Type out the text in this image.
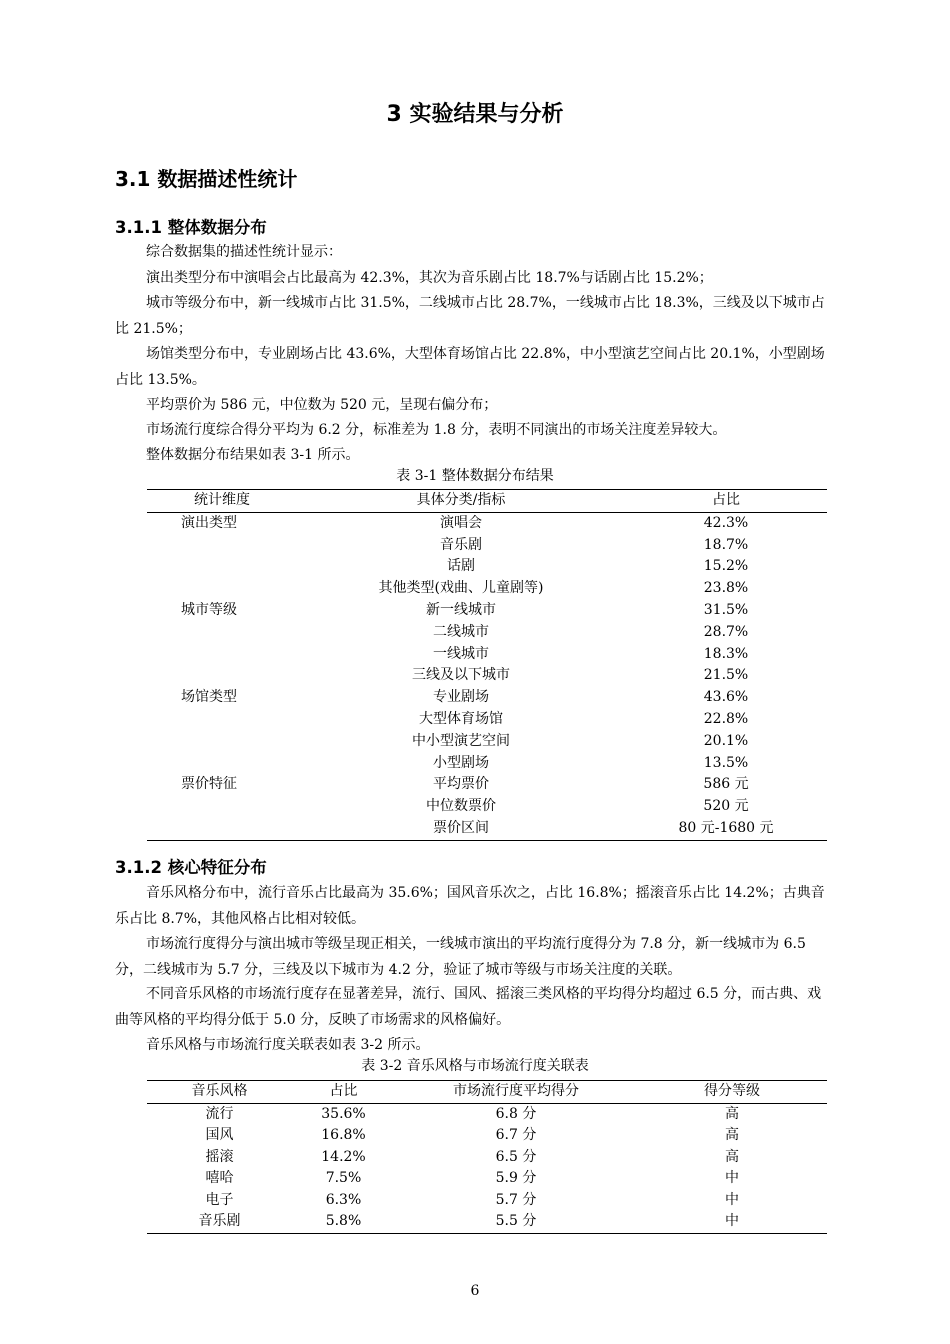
3 实验结果与分析
3.1 数据描述性统计
3.1.1 整体数据分布
综合数据集的描述性统计显示：
演出类型分布中演唱会占比最高为 42.3%，其次为音乐剧占比 18.7%与话剧占比 15.2%；
城市等级分布中，新一线城市占比 31.5%，二线城市占比 28.7%，一线城市占比 18.3%，三线及以下城市占比 21.5%；
场馆类型分布中，专业剧场占比 43.6%，大型体育场馆占比 22.8%，中小型演艺空间占比 20.1%，小型剧场占比 13.5%。
平均票价为 586 元，中位数为 520 元，呈现右偏分布；
市场流行度综合得分平均为 6.2 分，标准差为 1.8 分，表明不同演出的市场关注度差异较大。
整体数据分布结果如表 3-1 所示。
表 3-1 整体数据分布结果
统计维度	具体分类/指标	占比
演出类型	演唱会	42.3%
	音乐剧	18.7%
	话剧	15.2%
	其他类型(戏曲、儿童剧等)	23.8%
城市等级	新一线城市	31.5%
	二线城市	28.7%
	一线城市	18.3%
	三线及以下城市	21.5%
场馆类型	专业剧场	43.6%
	大型体育场馆	22.8%
	中小型演艺空间	20.1%
	小型剧场	13.5%
票价特征	平均票价	586 元
	中位数票价	520 元
	票价区间	80 元-1680 元
3.1.2 核心特征分布
音乐风格分布中，流行音乐占比最高为 35.6%；国风音乐次之，占比 16.8%；摇滚音乐占比 14.2%；古典音乐占比 8.7%，其他风格占比相对较低。
市场流行度得分与演出城市等级呈现正相关，一线城市演出的平均流行度得分为 7.8 分，新一线城市为 6.5 分，二线城市为 5.7 分，三线及以下城市为 4.2 分，验证了城市等级与市场关注度的关联。
不同音乐风格的市场流行度存在显著差异，流行、国风、摇滚三类风格的平均得分均超过 6.5 分，而古典、戏曲等风格的平均得分低于 5.0 分，反映了市场需求的风格偏好。
音乐风格与市场流行度关联表如表 3-2 所示。
表 3-2 音乐风格与市场流行度关联表
音乐风格	占比	市场流行度平均得分	得分等级
流行	35.6%	6.8 分	高
国风	16.8%	6.7 分	高
摇滚	14.2%	6.5 分	高
嘻哈	7.5%	5.9 分	中
电子	6.3%	5.7 分	中
音乐剧	5.8%	5.5 分	中
6
